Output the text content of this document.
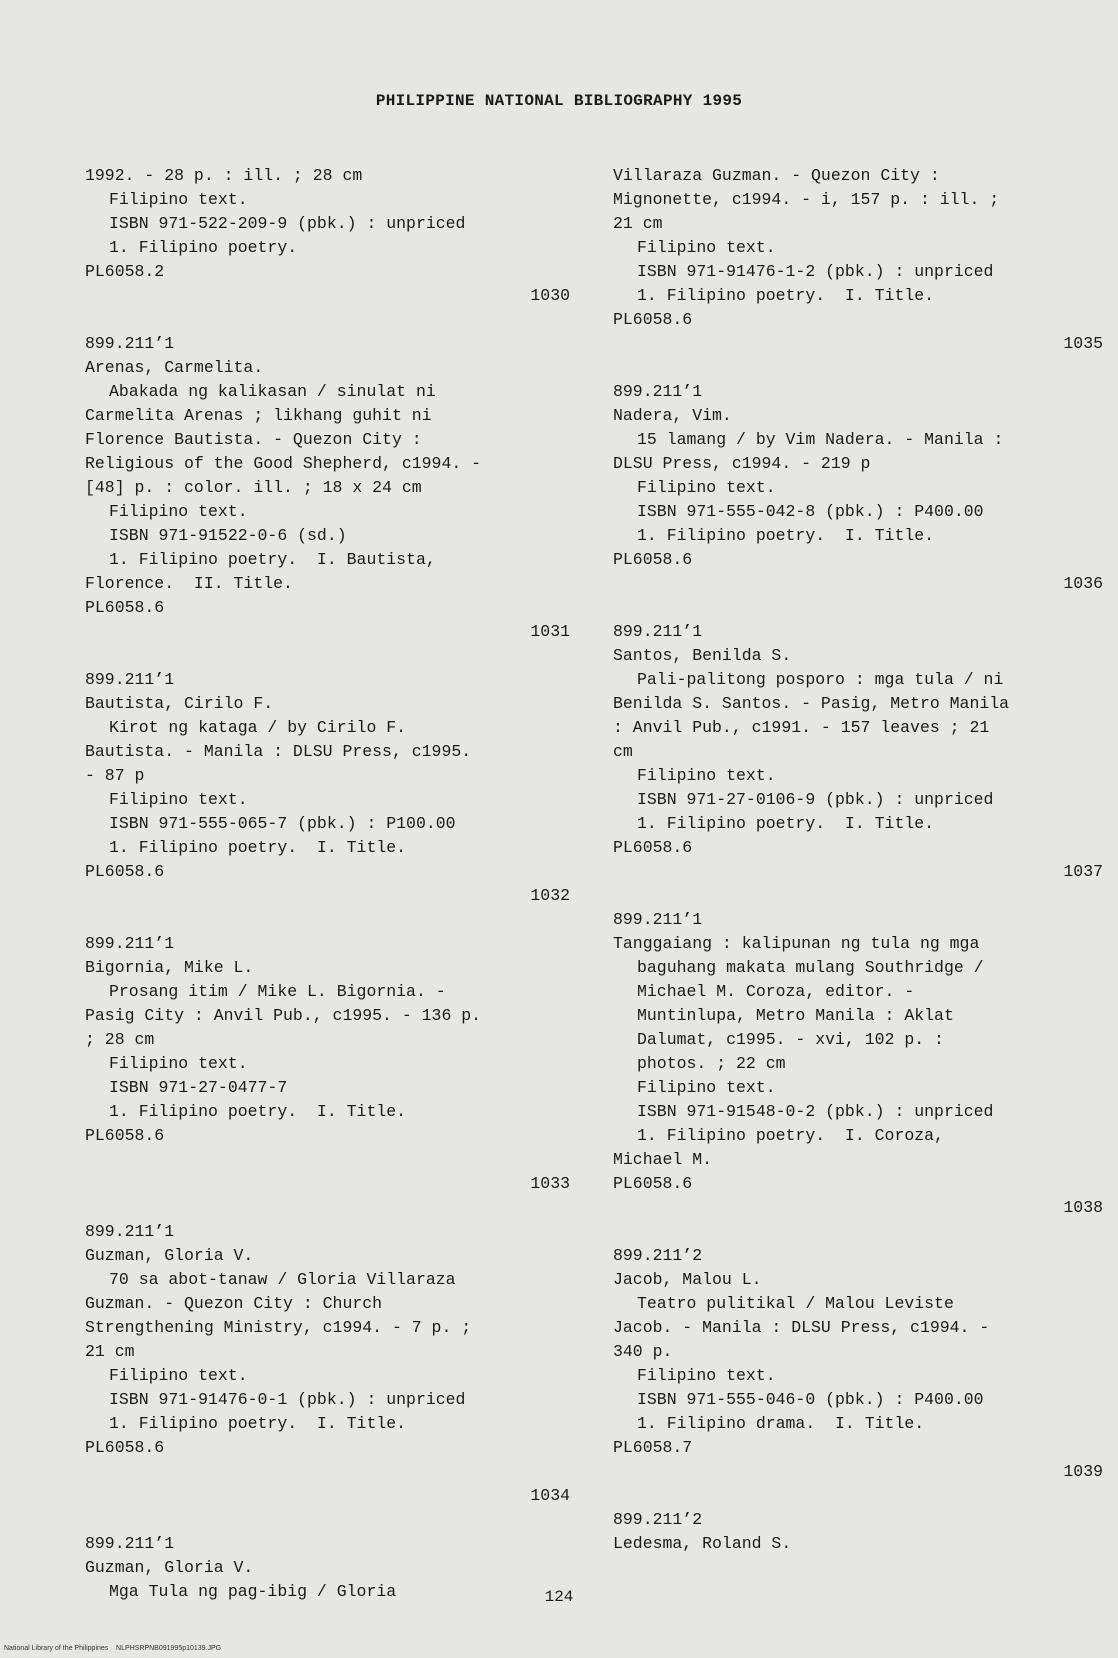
PHILIPPINE NATIONAL BIBLIOGRAPHY 1995
1992. - 28 p. : ill. ; 28 cm
Filipino text.
ISBN 971-522-209-9 (pbk.) : unpriced
1. Filipino poetry.
PL6058.2
1030
899.211’1
Arenas, Carmelita.
Abakada ng kalikasan / sinulat ni
Carmelita Arenas ; likhang guhit ni
Florence Bautista. - Quezon City :
Religious of the Good Shepherd, c1994. -
[48] p. : color. ill. ; 18 x 24 cm
Filipino text.
ISBN 971-91522-0-6 (sd.)
1. Filipino poetry.  I. Bautista,
Florence.  II. Title.
PL6058.6
1031
899.211’1
Bautista, Cirilo F.
Kirot ng kataga / by Cirilo F.
Bautista. - Manila : DLSU Press, c1995.
- 87 p
Filipino text.
ISBN 971-555-065-7 (pbk.) : P100.00
1. Filipino poetry.  I. Title.
PL6058.6
1032
899.211’1
Bigornia, Mike L.
Prosang itim / Mike L. Bigornia. -
Pasig City : Anvil Pub., c1995. - 136 p.
; 28 cm
Filipino text.
ISBN 971-27-0477-7
1. Filipino poetry.  I. Title.
PL6058.6
1033
899.211’1
Guzman, Gloria V.
70 sa abot-tanaw / Gloria Villaraza
Guzman. - Quezon City : Church
Strengthening Ministry, c1994. - 7 p. ;
21 cm
Filipino text.
ISBN 971-91476-0-1 (pbk.) : unpriced
1. Filipino poetry.  I. Title.
PL6058.6
1034
899.211’1
Guzman, Gloria V.
Mga Tula ng pag-ibig / Gloria
Villaraza Guzman. - Quezon City :
Mignonette, c1994. - i, 157 p. : ill. ;
21 cm
Filipino text.
ISBN 971-91476-1-2 (pbk.) : unpriced
1. Filipino poetry.  I. Title.
PL6058.6
1035
899.211’1
Nadera, Vim.
15 lamang / by Vim Nadera. - Manila :
DLSU Press, c1994. - 219 p
Filipino text.
ISBN 971-555-042-8 (pbk.) : P400.00
1. Filipino poetry.  I. Title.
PL6058.6
1036
899.211’1
Santos, Benilda S.
Pali-palitong posporo : mga tula / ni
Benilda S. Santos. - Pasig, Metro Manila
: Anvil Pub., c1991. - 157 leaves ; 21
cm
Filipino text.
ISBN 971-27-0106-9 (pbk.) : unpriced
1. Filipino poetry.  I. Title.
PL6058.6
1037
899.211’1
Tanggaiang : kalipunan ng tula ng mga
baguhang makata mulang Southridge /
Michael M. Coroza, editor. -
Muntinlupa, Metro Manila : Aklat
Dalumat, c1995. - xvi, 102 p. :
photos. ; 22 cm
Filipino text.
ISBN 971-91548-0-2 (pbk.) : unpriced
1. Filipino poetry.  I. Coroza,
Michael M.
PL6058.6
1038
899.211’2
Jacob, Malou L.
Teatro pulitikal / Malou Leviste
Jacob. - Manila : DLSU Press, c1994. -
340 p.
Filipino text.
ISBN 971-555-046-0 (pbk.) : P400.00
1. Filipino drama.  I. Title.
PL6058.7
1039
899.211’2
Ledesma, Roland S.
124
National Library of the Philippines    NLPHSRPNB091995p10139.JPG
